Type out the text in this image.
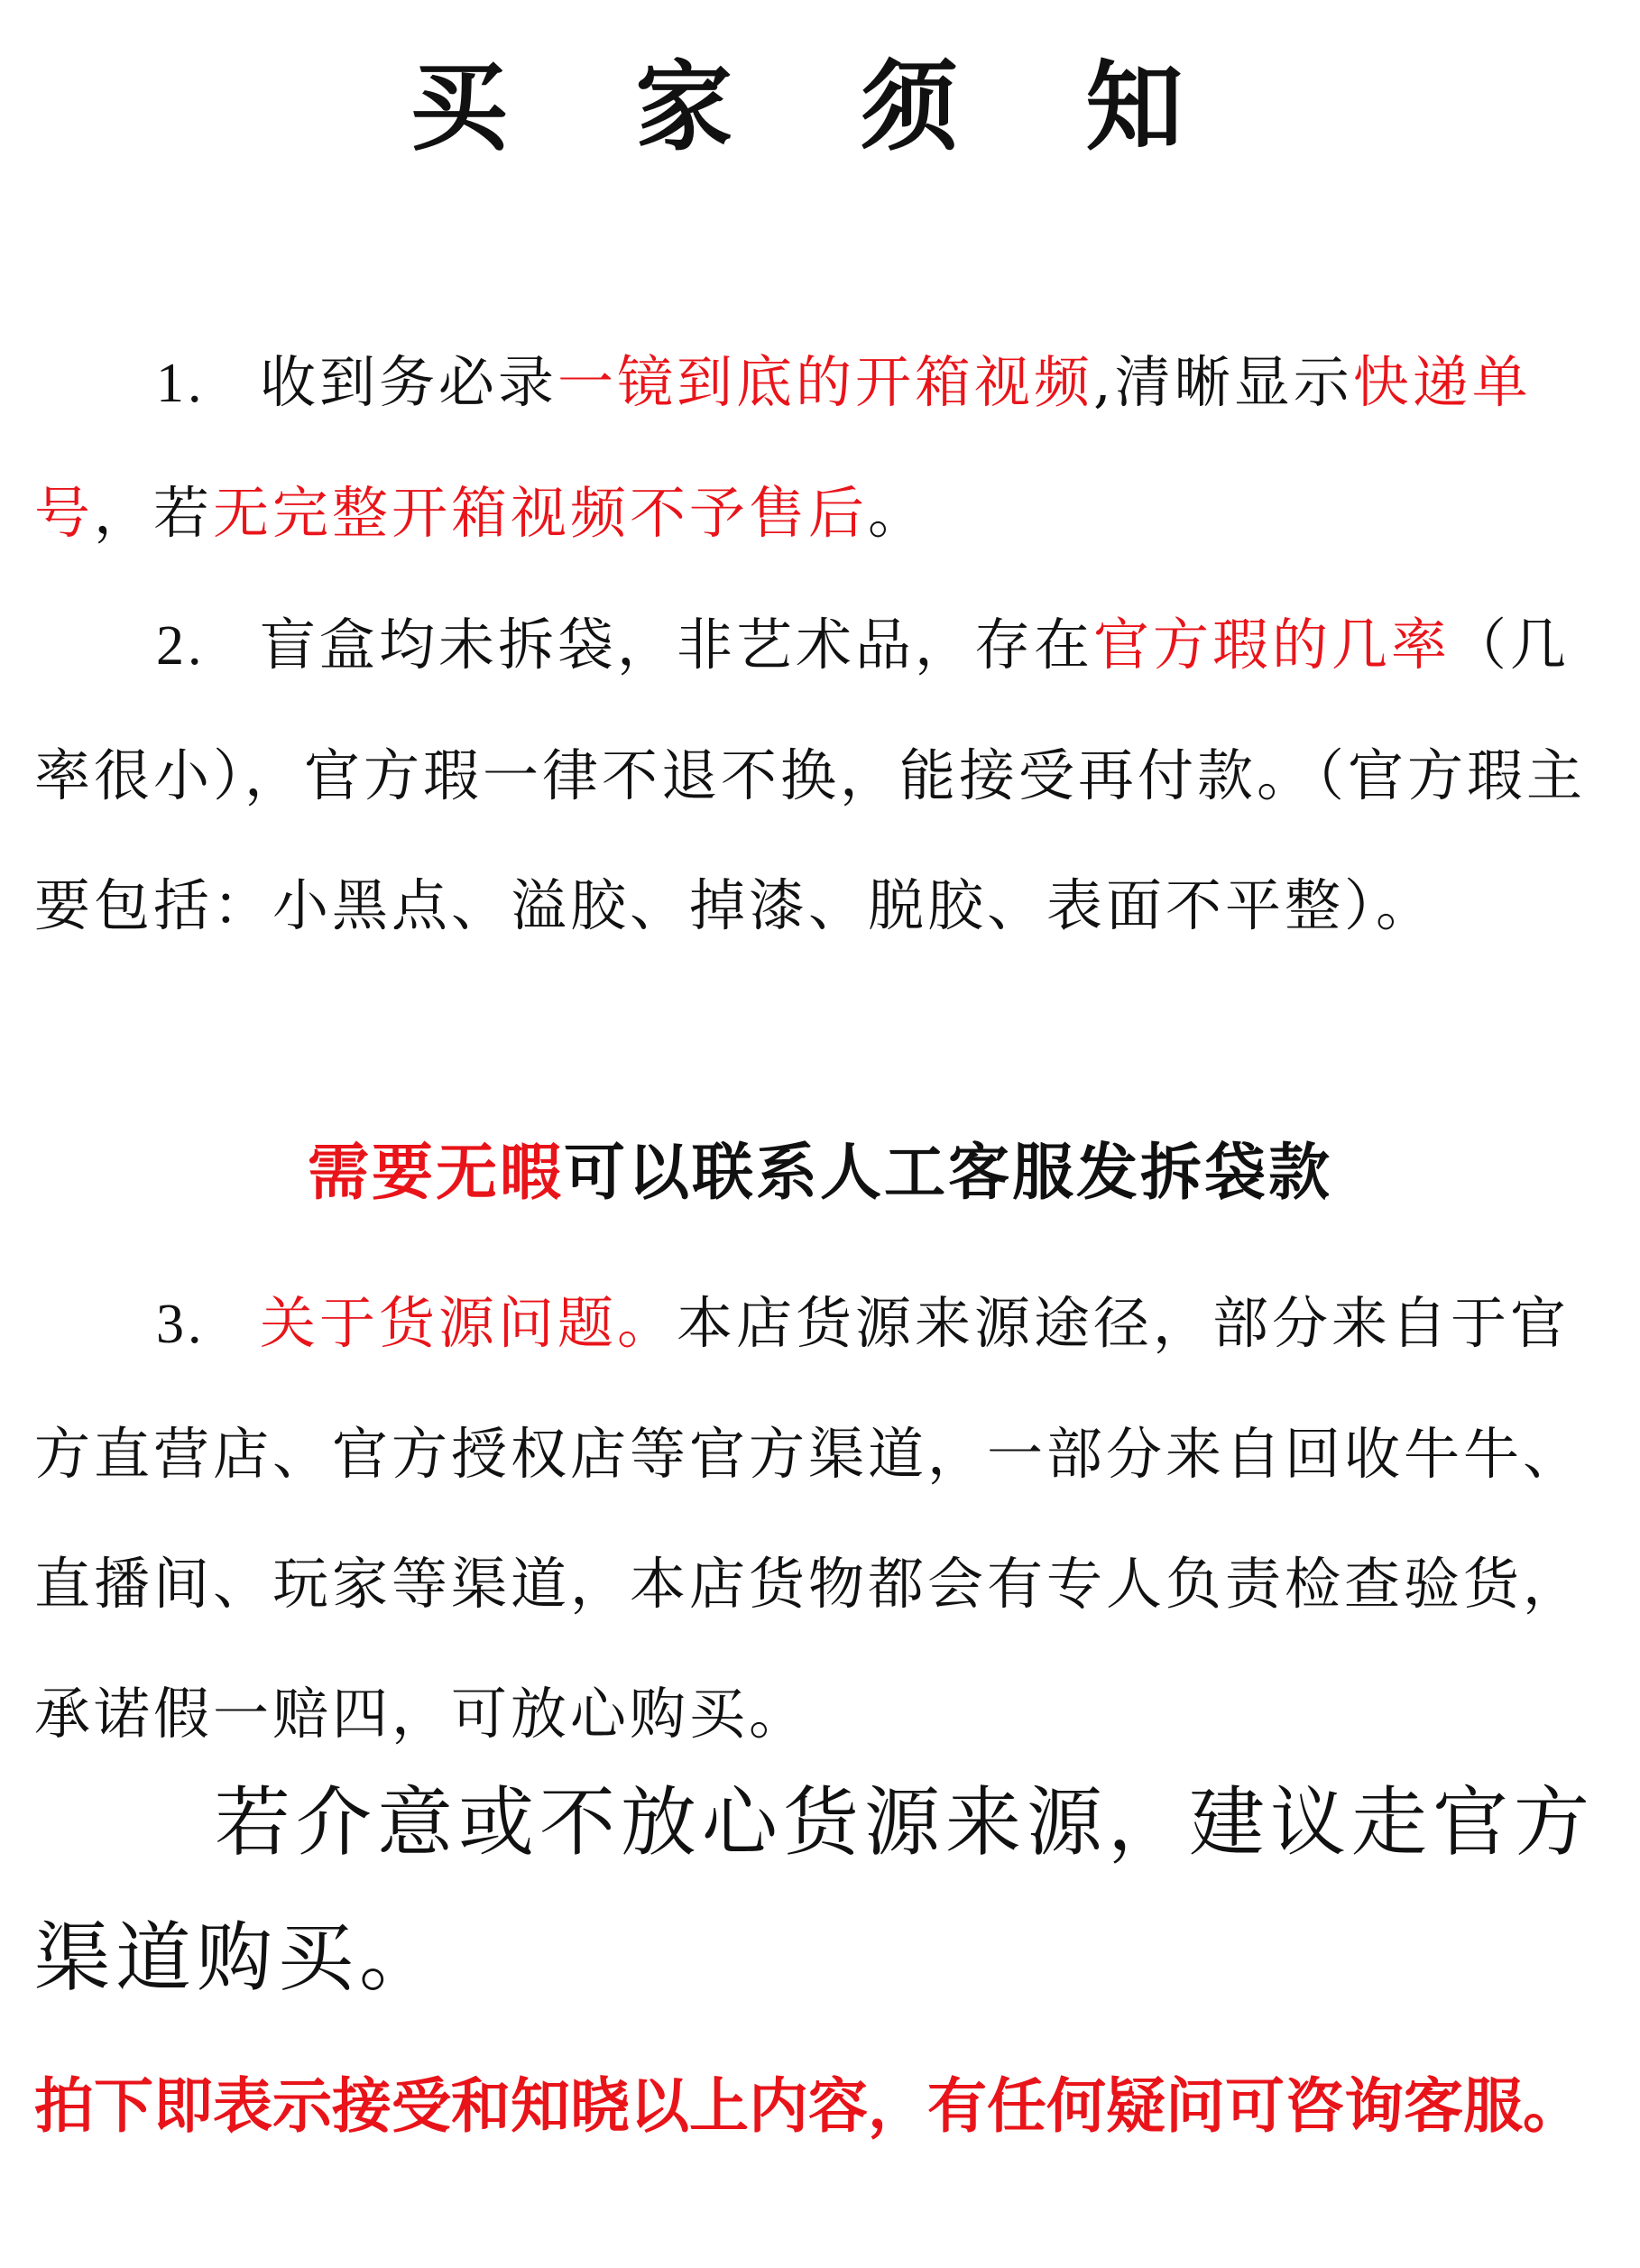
买 家 须 知
1. 收到务必录一镜到底的开箱视频,清晰显示快递单号，若无完整开箱视频不予售后。
2. 盲盒均未拆袋，非艺术品，存在官方瑕的几率（几率很小），官方瑕一律不退不换，能接受再付款。（官方瑕主要包括：小黑点、溢胶、掉漆、脱胶、表面不平整）。
需要无暇可以联系人工客服发拆袋款
3. 关于货源问题。本店货源来源途径，部分来自于官方直营店、官方授权店等官方渠道，一部分来自回收牛牛、直播间、玩家等渠道，本店货物都会有专人负责检查验货，承诺假一赔四，可放心购买。
若介意或不放心货源来源，建议走官方渠道购买。
拍下即表示接受和知晓以上内容，有任何疑问可咨询客服。
